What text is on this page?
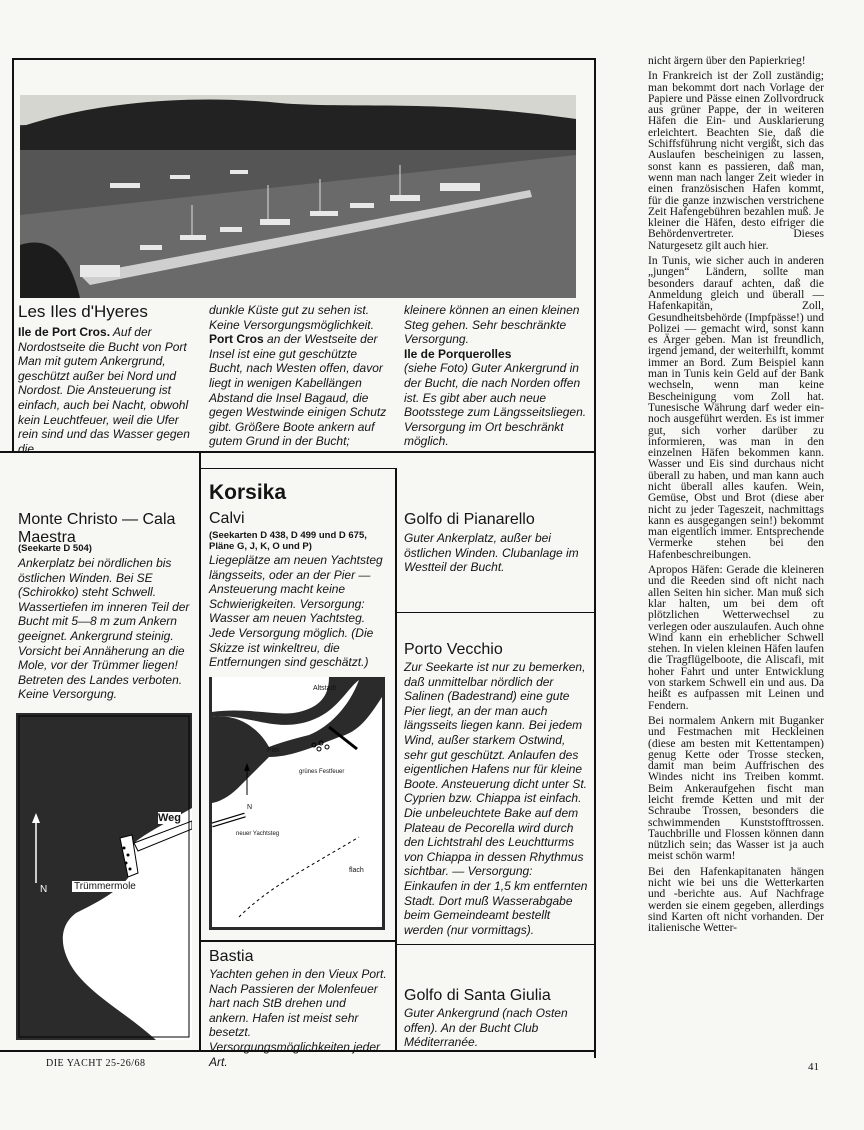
Les Iles d'Hyeres
Ile de Port Cros. Auf der Nordostseite die Bucht von Port Man mit gutem Ankergrund, geschützt außer bei Nord und Nordost. Die Ansteuerung ist einfach, auch bei Nacht, obwohl kein Leuchtfeuer, weil die Ufer rein sind und das Wasser gegen die
dunkle Küste gut zu sehen ist. Keine Versorgungsmöglichkeit.
Port Cros an der Westseite der Insel ist eine gut geschützte Bucht, nach Westen offen, davor liegt in wenigen Kabellängen Abstand die Insel Bagaud, die gegen Westwinde einigen Schutz gibt. Größere Boote ankern auf gutem Grund in der Bucht;
kleinere können an einen kleinen Steg gehen. Sehr beschränkte Versorgung.
Ile de Porquerolles
(siehe Foto) Guter Ankergrund in der Bucht, die nach Norden offen ist. Es gibt aber auch neue Bootsstege zum Längsseitsliegen. Versorgung im Ort beschränkt möglich.
Monte Christo — Cala Maestra
(Seekarte D 504)
Ankerplatz bei nördlichen bis östlichen Winden. Bei SE (Schirokko) steht Schwell. Wassertiefen im inneren Teil der Bucht mit 5—8 m zum Ankern geeignet. Ankergrund steinig. Vorsicht bei Annäherung an die Mole, vor der Trümmer liegen! Betreten des Landes verboten. Keine Versorgung.
Weg
N	Trümmermole
Korsika
Calvi
(Seekarten D 438, D 499 und D 675, Pläne G, J, K, O und P)
Liegeplätze am neuen Yachtsteg längsseits, oder an der Pier — Ansteuerung macht keine Schwierigkeiten. Versorgung: Wasser am neuen Yachtsteg. Jede Versorgung möglich. (Die Skizze ist winkeltreu, die Entfernungen sind geschätzt.)
Altstadt
Pier
grünes Festfeuer
N
neuer Yachtsteg
flach
Bastia
Yachten gehen in den Vieux Port. Nach Passieren der Molenfeuer hart nach StB drehen und ankern. Hafen ist meist sehr besetzt. Versorgungsmöglichkeiten jeder Art.
Golfo di Pianarello
Guter Ankerplatz, außer bei östlichen Winden. Clubanlage im Westteil der Bucht.
Porto Vecchio
Zur Seekarte ist nur zu bemerken, daß unmittelbar nördlich der Salinen (Badestrand) eine gute Pier liegt, an der man auch längsseits liegen kann. Bei jedem Wind, außer starkem Ostwind, sehr gut geschützt. Anlaufen des eigentlichen Hafens nur für kleine Boote. Ansteuerung dicht unter St. Cyprien bzw. Chiappa ist einfach. Die unbeleuchtete Bake auf dem Plateau de Pecorella wird durch den Lichtstrahl des Leuchtturms von Chiappa in dessen Rhythmus sichtbar. — Versorgung: Einkaufen in der 1,5 km entfernten Stadt. Dort muß Wasserabgabe beim Gemeindeamt bestellt werden (nur vormittags).
Golfo di Santa Giulia
Guter Ankergrund (nach Osten offen). An der Bucht Club Méditerranée.

nicht ärgern über den Papierkrieg!

In Frankreich ist der Zoll zuständig; man bekommt dort nach Vorlage der Papiere und Pässe einen Zollvordruck aus grüner Pappe, der in weiteren Häfen die Ein- und Ausklarierung erleichtert. Beachten Sie, daß die Schiffsführung nicht vergißt, sich das Auslaufen bescheinigen zu lassen, sonst kann es passieren, daß man, wenn man nach langer Zeit wieder in einen französischen Hafen kommt, für die ganze inzwischen verstrichene Zeit Hafengebühren bezahlen muß. Je kleiner die Häfen, desto eifriger die Behördenvertreter. Dieses Naturgesetz gilt auch hier.

In Tunis, wie sicher auch in anderen „jungen“ Ländern, sollte man besonders darauf achten, daß die Anmeldung gleich und überall — Hafenkapitän, Zoll, Gesundheitsbehörde (Impfpässe!) und Polizei — gemacht wird, sonst kann es Ärger geben. Man ist freundlich, irgend jemand, der weiterhilft, kommt immer an Bord. Zum Beispiel kann man in Tunis kein Geld auf der Bank wechseln, wenn man keine Bescheinigung vom Zoll hat. Tunesische Währung darf weder ein- noch ausgeführt werden. Es ist immer gut, sich vorher darüber zu informieren, was man in den einzelnen Häfen bekommen kann. Wasser und Eis sind durchaus nicht überall zu haben, und man kann auch nicht überall alles kaufen. Wein, Gemüse, Obst und Brot (diese aber nicht zu jeder Tageszeit, nachmittags kann es ausgegangen sein!) bekommt man eigentlich immer. Entsprechende Vermerke stehen bei den Hafenbeschreibungen.

Apropos Häfen: Gerade die kleineren und die Reeden sind oft nicht nach allen Seiten hin sicher. Man muß sich klar halten, um bei dem oft plötzlichen Wetterwechsel zu verlegen oder auszulaufen. Auch ohne Wind kann ein erheblicher Schwell stehen. In vielen kleinen Häfen laufen die Tragflügelboote, die Aliscafi, mit hoher Fahrt und unter Entwicklung von starkem Schwell ein und aus. Da heißt es aufpassen mit Leinen und Fendern.

Bei normalem Ankern mit Buganker und Festmachen mit Heckleinen (diese am besten mit Kettentampen) genug Kette oder Trosse stecken, damit man beim Auffrischen des Windes nicht ins Treiben kommt. Beim Ankeraufgehen fischt man leicht fremde Ketten und mit der Schraube Trossen, besonders die schwimmenden Kunststofftrossen. Tauchbrille und Flossen können dann nützlich sein; das Wasser ist ja auch meist schön warm!

Bei den Hafenkapitanaten hängen nicht wie bei uns die Wetterkarten und -berichte aus. Auf Nachfrage werden sie einem gegeben, allerdings sind Karten oft nicht vorhanden. Der italienische Wetter-

DIE YACHT 25-26/68	41
